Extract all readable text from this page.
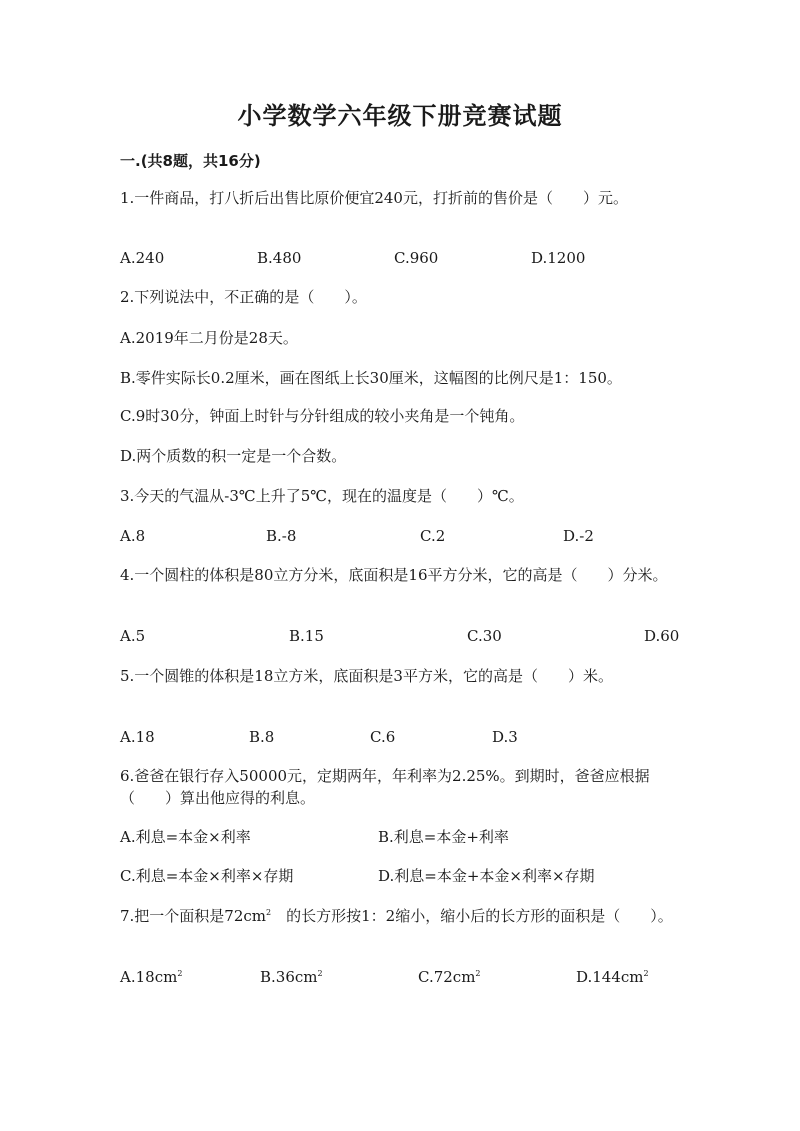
小学数学六年级下册竞赛试题
一.(共8题，共16分)
1.一件商品，打八折后出售比原价便宜240元，打折前的售价是（　　）元。
A.240	B.480	C.960	D.1200
2.下列说法中，不正确的是（　　）。
A.2019年二月份是28天。
B.零件实际长0.2厘米，画在图纸上长30厘米，这幅图的比例尺是1：150。
C.9时30分，钟面上时针与分针组成的较小夹角是一个钝角。
D.两个质数的积一定是一个合数。
3.今天的气温从-3℃上升了5℃，现在的温度是（　　）℃。
A.8	B.-8	C.2	D.-2
4.一个圆柱的体积是80立方分米，底面积是16平方分米，它的高是（　　）分米。
A.5	B.15	C.30	D.60
5.一个圆锥的体积是18立方米，底面积是3平方米，它的高是（　　）米。
A.18	B.8	C.6	D.3
6.爸爸在银行存入50000元，定期两年，年利率为2.25%。到期时，爸爸应根据（　　）算出他应得的利息。
A.利息=本金×利率	B.利息=本金+利率
C.利息=本金×利率×存期	D.利息=本金+本金×利率×存期
7.把一个面积是$72cm^2$　 的长方形按1：2缩小，缩小后的长方形的面积是（　　）。
$A.18cm^2$	$B.36cm^2$	$C.72cm^2$	$D.144cm^2$
